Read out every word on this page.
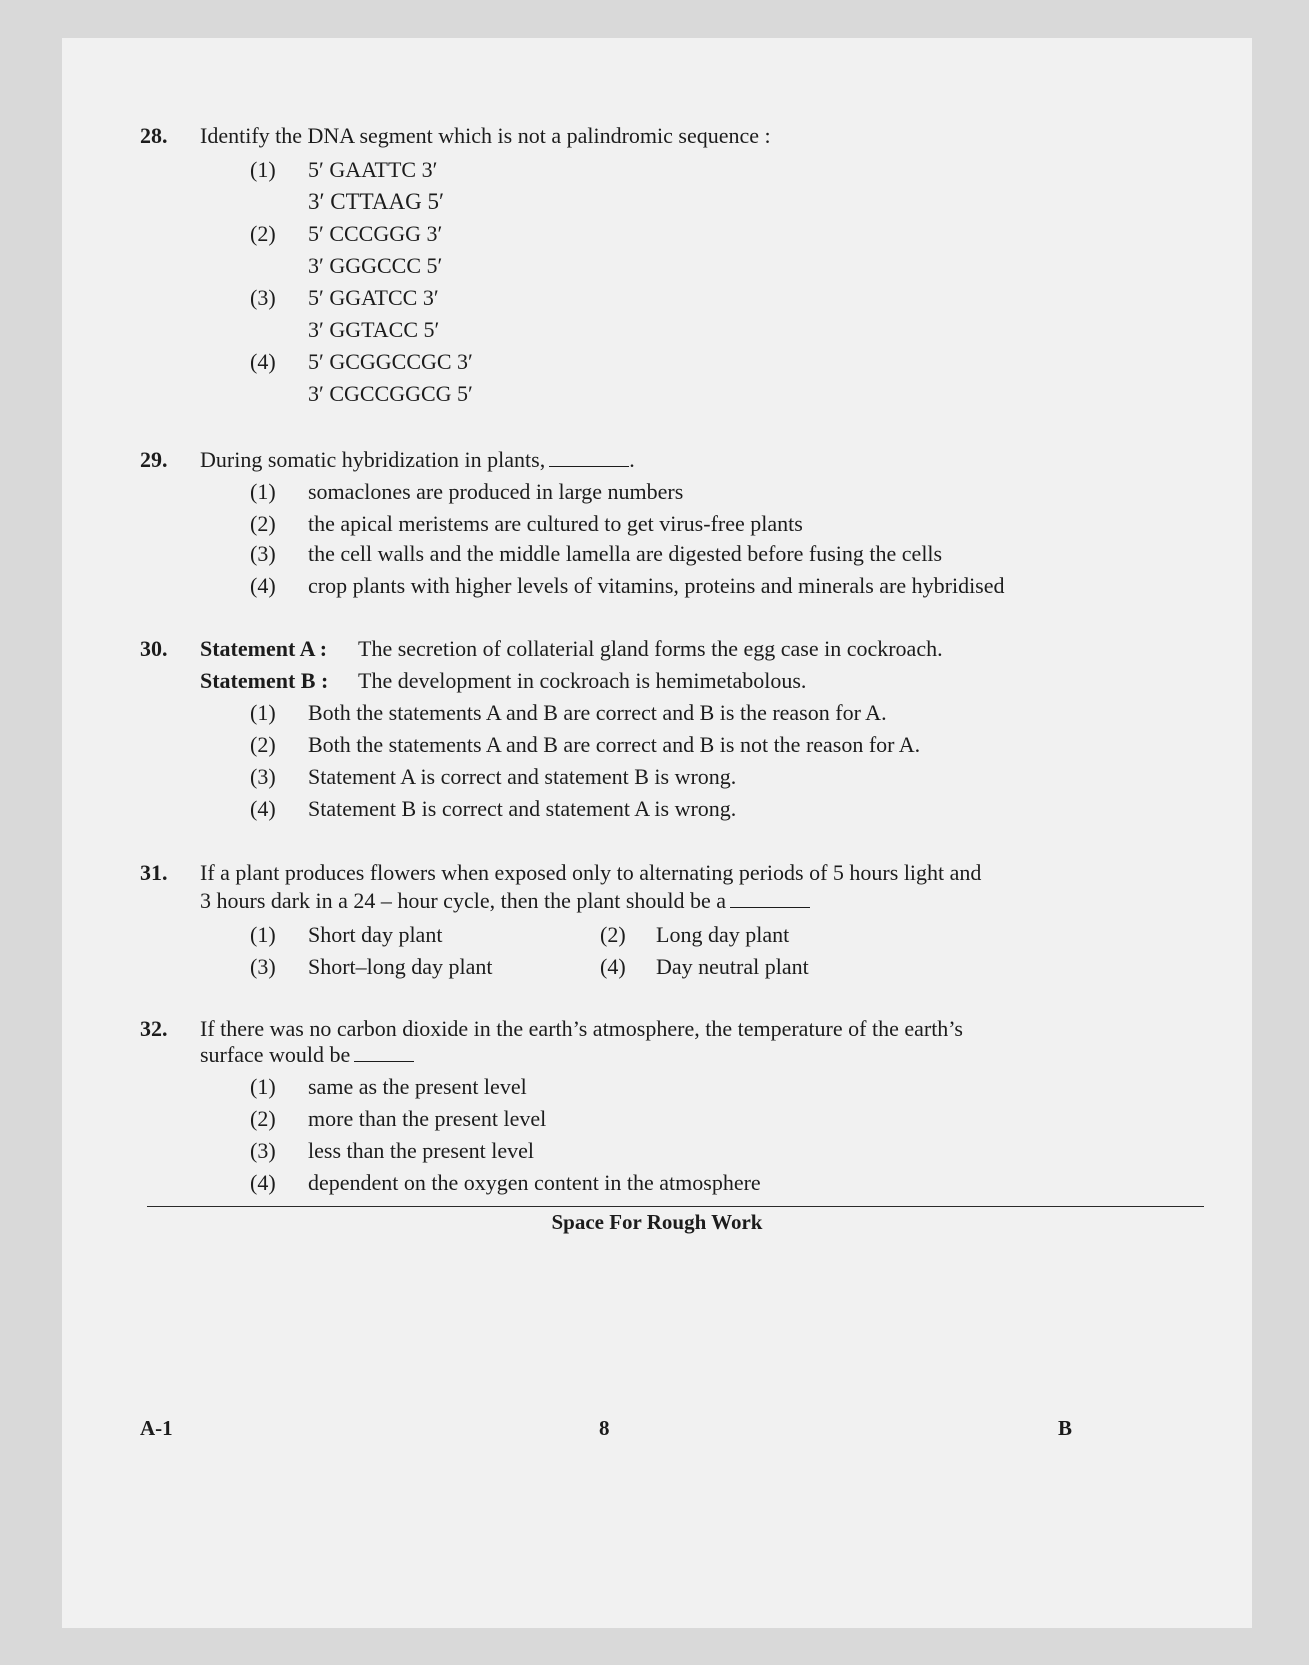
28. Identify the DNA segment which is not a palindromic sequence :
(1) 5′ GAATTC 3′
3′ CTTAAG 5′
(2) 5′ CCCGGG 3′
3′ GGGCCC 5′
(3) 5′ GGATCC 3′
3′ GGTACC 5′
(4) 5′ GCGGCCGC 3′
3′ CGCCGGCG 5′
29. During somatic hybridization in plants,	.
(1) somaclones are produced in large numbers
(2) the apical meristems are cultured to get virus-free plants
(3) the cell walls and the middle lamella are digested before fusing the cells
(4) crop plants with higher levels of vitamins, proteins and minerals are hybridised
30. Statement A : The secretion of collaterial gland forms the egg case in cockroach.
Statement B : The development in cockroach is hemimetabolous.
(1) Both the statements A and B are correct and B is the reason for A.
(2) Both the statements A and B are correct and B is not the reason for A.
(3) Statement A is correct and statement B is wrong.
(4) Statement B is correct and statement A is wrong.
31. If a plant produces flowers when exposed only to alternating periods of 5 hours light and
3 hours dark in a 24 – hour cycle, then the plant should be a
(1) Short day plant	(2) Long day plant
(3) Short–long day plant	(4) Day neutral plant
32. If there was no carbon dioxide in the earth’s atmosphere, the temperature of the earth’s
surface would be
(1) same as the present level
(2) more than the present level
(3) less than the present level
(4) dependent on the oxygen content in the atmosphere
Space For Rough Work
A-1	8	B
